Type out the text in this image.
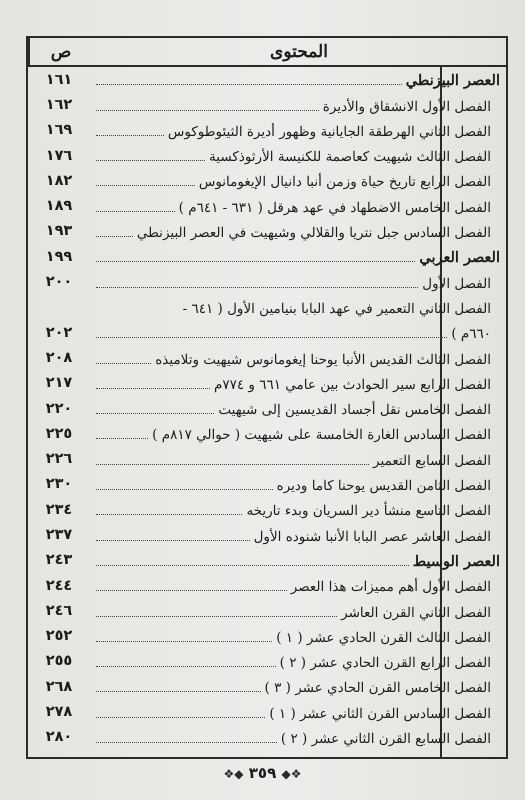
المحتوى
ص
العصر البيزنطي
١٦١
الفصل الأول الانشقاق والأديرة
١٦٢
الفصل الثاني الهرطقة الجايانية وظهور أديرة الثيئوطوكوس
١٦٩
الفصل الثالث شيهيت كعاصمة للكنيسة الأرثوذكسية
١٧٦
الفصل الرابع تاريخ حياة وزمن أنبا دانيال الإيغومانوس
١٨٢
الفصل الخامس الاضطهاد في عهد هرقل ( ٦٣١ - ٦٤١م )
١٨٩
الفصل السادس جبل نتريا والقلالي وشيهيت في العصر البيزنطي
١٩٣
العصر العربي
١٩٩
الفصل الأول
٢٠٠
الفصل الثاني التعمير في عهد البابا بنيامين الأول ( ٦٤١ -
٦٦٠م )
٢٠٢
الفصل الثالث القديس الأنبا يوحنا إيغومانوس شيهيت وتلاميذه
٢٠٨
الفصل الرابع سير الحوادث بين عامي ٦٦١ و ٧٧٤م
٢١٧
الفصل الخامس نقل أجساد القديسين إلى شيهيت
٢٢٠
الفصل السادس الغارة الخامسة على شيهيت ( حوالي ٨١٧م )
٢٢٥
الفصل السابع التعمير
٢٢٦
الفصل الثامن القديس يوحنا كاما وديره
٢٣٠
الفصل التاسع منشأ دير السريان وبدء تاريخه
٢٣٤
الفصل العاشر عصر البابا الأنبا شنوده الأول
٢٣٧
العصر الوسيط
٢٤٣
الفصل الأول أهم مميزات هذا العصر
٢٤٤
الفصل الثاني القرن العاشر
٢٤٦
الفصل الثالث القرن الحادي عشر ( ١ )
٢٥٢
الفصل الرابع القرن الحادي عشر ( ٢ )
٢٥٥
الفصل الخامس القرن الحادي عشر ( ٣ )
٢٦٨
الفصل السادس القرن الثاني عشر ( ١ )
٢٧٨
الفصل السابع القرن الثاني عشر ( ٢ )
٢٨٠
❖◆ ٣٥٩ ◆❖
